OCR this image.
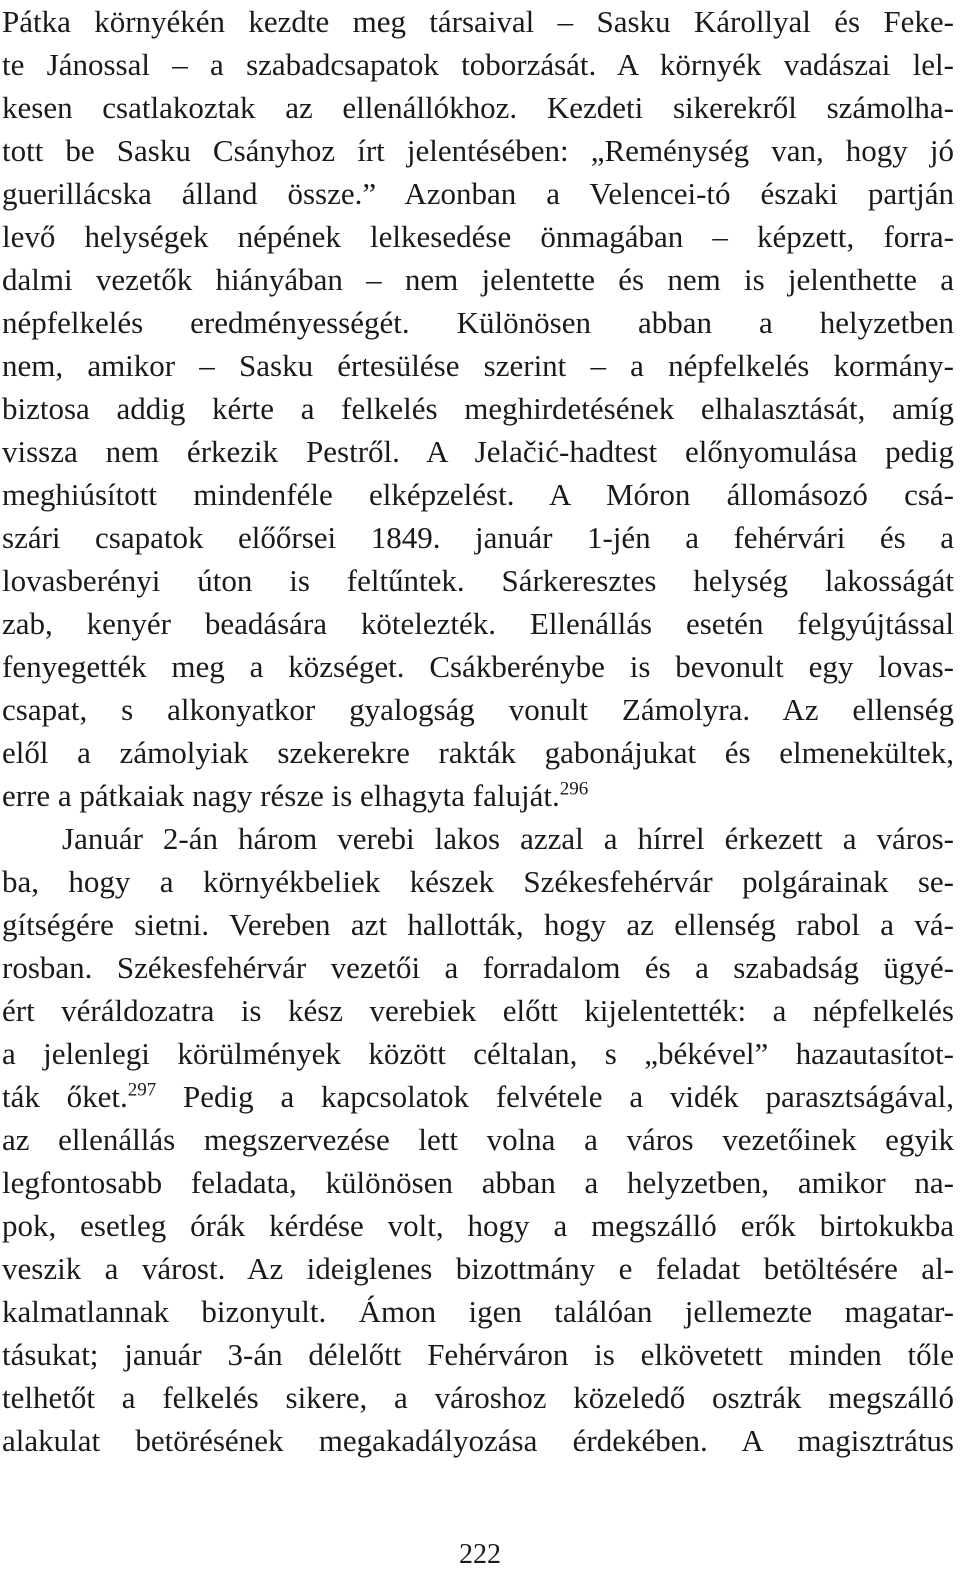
Pátka környékén kezdte meg társaival – Sasku Károllyal és Feke-
te Jánossal – a szabadcsapatok toborzását. A környék vadászai lel-
kesen csatlakoztak az ellenállókhoz. Kezdeti sikerekről számolha-
tott be Sasku Csányhoz írt jelentésében: „Reménység van, hogy jó
guerillácska álland össze.” Azonban a Velencei-tó északi partján
levő helységek népének lelkesedése önmagában – képzett, forra-
dalmi vezetők hiányában – nem jelentette és nem is jelenthette a
népfelkelés eredményességét. Különösen abban a helyzetben
nem, amikor – Sasku értesülése szerint – a népfelkelés kormány-
biztosa addig kérte a felkelés meghirdetésének elhalasztását, amíg
vissza nem érkezik Pestről. A Jelačić-hadtest előnyomulása pedig
meghiúsított mindenféle elképzelést. A Móron állomásozó csá-
szári csapatok előőrsei 1849. január 1-jén a fehérvári és a
lovasberényi úton is feltűntek. Sárkeresztes helység lakosságát
zab, kenyér beadására kötelezték. Ellenállás esetén felgyújtással
fenyegették meg a községet. Csákberénybe is bevonult egy lovas-
csapat, s alkonyatkor gyalogság vonult Zámolyra. Az ellenség
elől a zámolyiak szekerekre rakták gabonájukat és elmenekültek,
erre a pátkaiak nagy része is elhagyta faluját.$^{296}$
Január 2-án három verebi lakos azzal a hírrel érkezett a város-
ba, hogy a környékbeliek készek Székesfehérvár polgárainak se-
gítségére sietni. Vereben azt hallották, hogy az ellenség rabol a vá-
rosban. Székesfehérvár vezetői a forradalom és a szabadság ügyé-
ért véráldozatra is kész verebiek előtt kijelentették: a népfelkelés
a jelenlegi körülmények között céltalan, s „békével” hazautasítot-
ták őket.$^{297}$ Pedig a kapcsolatok felvétele a vidék parasztságával,
az ellenállás megszervezése lett volna a város vezetőinek egyik
legfontosabb feladata, különösen abban a helyzetben, amikor na-
pok, esetleg órák kérdése volt, hogy a megszálló erők birtokukba
veszik a várost. Az ideiglenes bizottmány e feladat betöltésére al-
kalmatlannak bizonyult. Ámon igen találóan jellemezte magatar-
tásukat; január 3-án délelőtt Fehérváron is elkövetett minden tőle
telhetőt a felkelés sikere, a városhoz közeledő osztrák megszálló
alakulat betörésének megakadályozása érdekében. A magisztrátus
222
